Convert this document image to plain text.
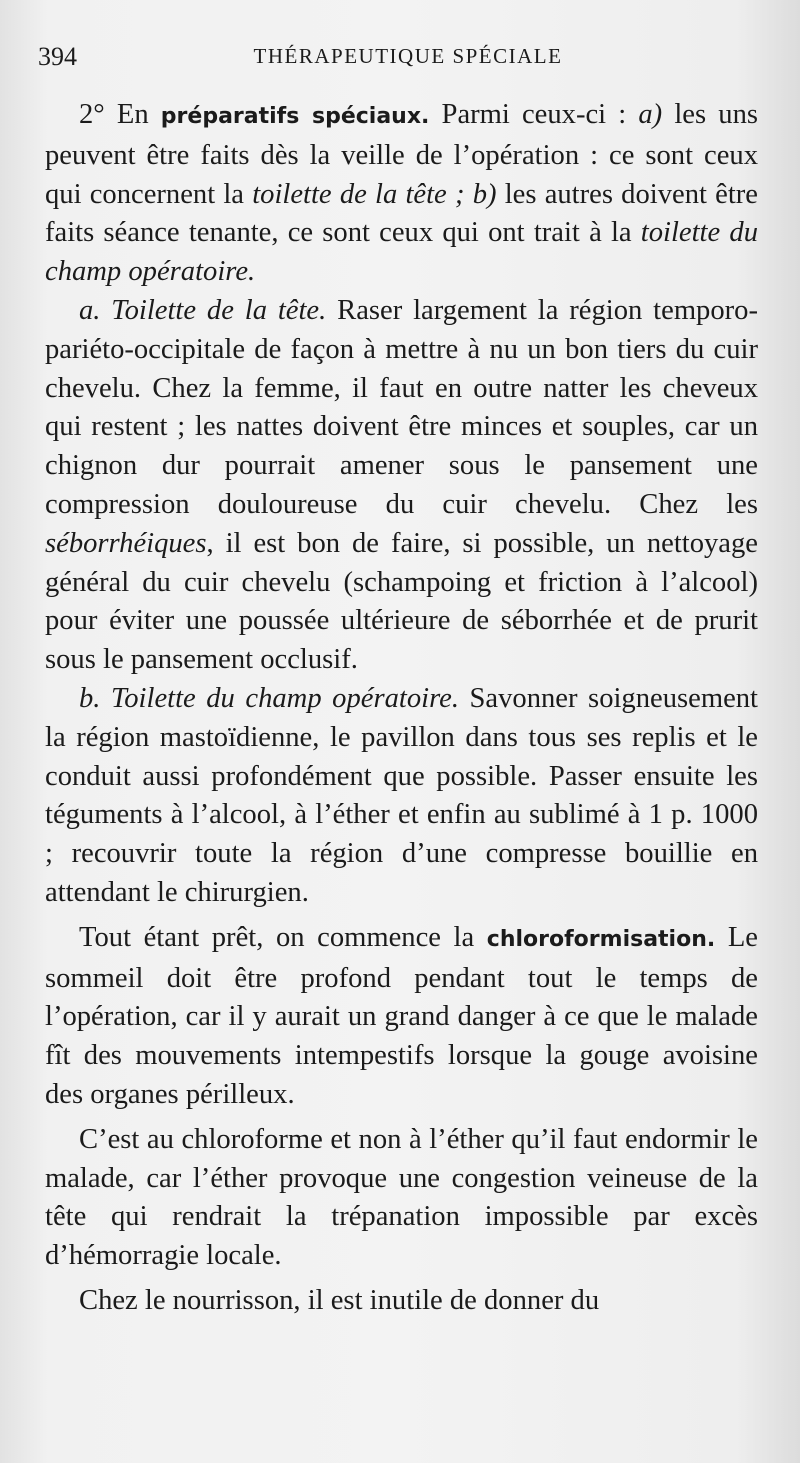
394	THÉRAPEUTIQUE SPÉCIALE

2° En préparatifs spéciaux. Parmi ceux-ci : a) les uns peuvent être faits dès la veille de l’opération : ce sont ceux qui concernent la toilette de la tête ; b) les autres doivent être faits séance tenante, ce sont ceux qui ont trait à la toilette du champ opératoire.

a. Toilette de la tête. Raser largement la région temporo-pariéto-occipitale de façon à mettre à nu un bon tiers du cuir chevelu. Chez la femme, il faut en outre natter les cheveux qui restent ; les nattes doivent être minces et souples, car un chignon dur pourrait amener sous le pansement une compression douloureuse du cuir chevelu. Chez les séborrhéiques, il est bon de faire, si possible, un nettoyage général du cuir chevelu (schampoing et friction à l’alcool) pour éviter une poussée ultérieure de séborrhée et de prurit sous le pansement occlusif.

b. Toilette du champ opératoire. Savonner soigneusement la région mastoïdienne, le pavillon dans tous ses replis et le conduit aussi profondément que possible. Passer ensuite les téguments à l’alcool, à l’éther et enfin au sublimé à 1 p. 1000 ; recouvrir toute la région d’une compresse bouillie en attendant le chirurgien.

Tout étant prêt, on commence la chloroformisation. Le sommeil doit être profond pendant tout le temps de l’opération, car il y aurait un grand danger à ce que le malade fît des mouvements intempestifs lorsque la gouge avoisine des organes périlleux.

C’est au chloroforme et non à l’éther qu’il faut endormir le malade, car l’éther provoque une congestion veineuse de la tête qui rendrait la trépanation impossible par excès d’hémorragie locale.

Chez le nourrisson, il est inutile de donner du
